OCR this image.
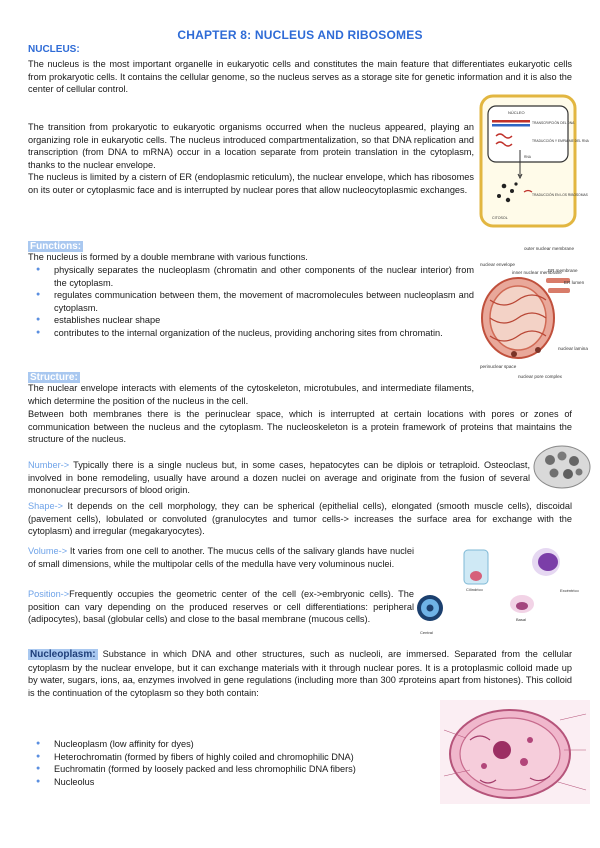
CHAPTER 8: NUCLEUS AND RIBOSOMES
NUCLEUS:
The nucleus is the most important organelle in eukaryotic cells and constitutes the main feature that differentiates eukaryotic cells from prokaryotic cells. It contains the cellular genome, so the nucleus serves as a storage site for genetic information and it is also the center of cellular control.
The transition from prokaryotic to eukaryotic organisms occurred when the nucleus appeared, playing an organizing role in eukaryotic cells. The nucleus introduced compartmentalization, so that DNA replication and transcription (from DNA to mRNA) occur in a location separate from protein translation in the cytoplasm, thanks to the nuclear envelope.
The nucleus is limited by a cistern of ER (endoplasmic reticulum), the nuclear envelope, which has ribosomes on its outer or cytoplasmic face and is interrupted by nuclear pores that allow nucleocytoplasmic exchanges.
NÚCLEO
TRANSCRIPCIÓN DEL DNA
TRADUCCIÓN Y EMPALME DEL RNA
RNA
TRADUCCIÓN EN LOS RIBOSOMAS
CITOSOL
Functions:
The nucleus is formed by a double membrane with various functions.
● physically separates the nucleoplasm (chromatin and other components of the nuclear interior) from the cytoplasm.
● regulates communication between them, the movement of macromolecules between nucleoplasm and cytoplasm.
● establishes nuclear shape
● contributes to the internal organization of the nucleus, providing anchoring sites from chromatin.
outer nuclear membrane
nuclear envelope
inner nuclear membrane
ER membrane
ER lumen
nuclear lamina
perinuclear space
nuclear pore complex
Structure:
The nuclear envelope interacts with elements of the cytoskeleton, microtubules, and intermediate filaments, which determine the position of the nucleus in the cell.
Between both membranes there is the perinuclear space, which is interrupted at certain locations with pores or zones of communication between the nucleus and the cytoplasm. The nucleoskeleton is a protein framework of proteins that maintains the structure of the nucleus.
Number-> Typically there is a single nucleus but, in some cases, hepatocytes can be diplois or tetraploid. Osteoclast, involved in bone remodeling, usually have around a dozen nuclei on average and originate from the fusion of several mononuclear precursors of blood origin.
Shape-> It depends on the cell morphology, they can be spherical (epithelial cells), elongated (smooth muscle cells), discoidal (pavement cells), lobulated or convoluted (granulocytes and tumor cells-> increases the surface area for exchange with the cytoplasm) and irregular (megakaryocytes).
Volume-> It varies from one cell to another. The mucus cells of the salivary glands have nuclei of small dimensions, while the multipolar cells of the medulla have very voluminous nuclei.
Position->Frequently occupies the geometric center of the cell (ex->embryonic cells). The position can vary depending on the produced reserves or cell differentiations: peripheral (adipocytes), basal (globular cells) and close to the basal membrane (mucous cells).
Cilíndrico	Excéntrico
Basal
Central
Nucleoplasm: Substance in which DNA and other structures, such as nucleoli, are immersed. Separated from the cellular cytoplasm by the nuclear envelope, but it can exchange materials with it through nuclear pores. It is a protoplasmic colloid made up by water, sugars, ions, aa, enzymes involved in gene regulations (including more than 300 ≠proteins apart from histones). This colloid is the continuation of the cytoplasm so they both contain:
● Nucleoplasm (low affinity for dyes)
● Heterochromatin (formed by fibers of highly coiled and chromophilic DNA)
● Euchromatin (formed by loosely packed and less chromophilic DNA fibers)
● Nucleolus
